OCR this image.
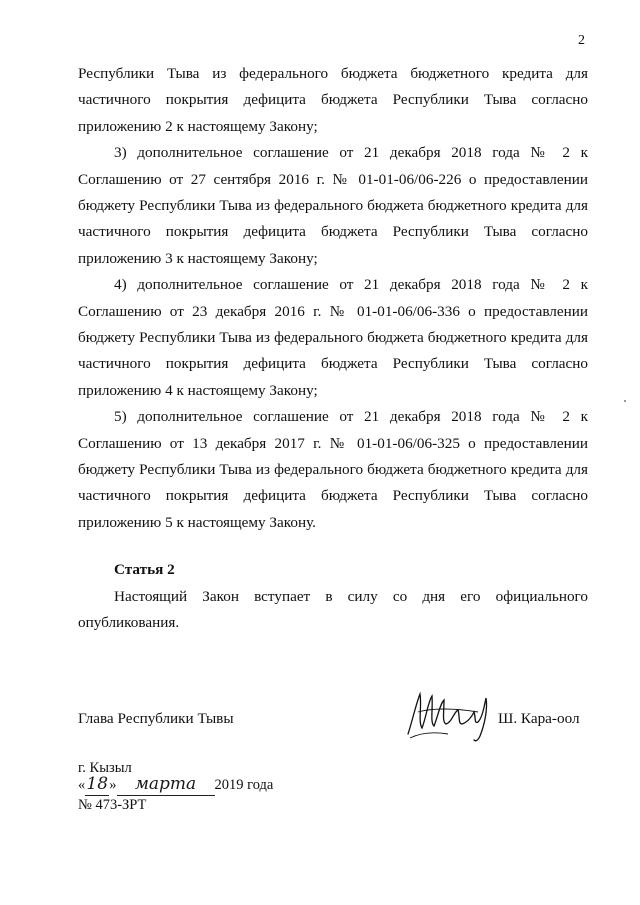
2
Республики Тыва из федерального бюджета бюджетного кредита для
частичного покрытия дефицита бюджета Республики Тыва согласно
приложению 2 к настоящему Закону;
3) дополнительное соглашение от 21 декабря 2018 года № 2 к
Соглашению от 27 сентября 2016 г. № 01-01-06/06-226 о предоставлении
бюджету Республики Тыва из федерального бюджета бюджетного кредита для
частичного покрытия дефицита бюджета Республики Тыва согласно
приложению 3 к настоящему Закону;
4) дополнительное соглашение от 21 декабря 2018 года № 2 к
Соглашению от 23 декабря 2016 г. № 01-01-06/06-336 о предоставлении
бюджету Республики Тыва из федерального бюджета бюджетного кредита для
частичного покрытия дефицита бюджета Республики Тыва согласно
приложению 4 к настоящему Закону;
5) дополнительное соглашение от 21 декабря 2018 года № 2 к
Соглашению от 13 декабря 2017 г. № 01-01-06/06-325 о предоставлении
бюджету Республики Тыва из федерального бюджета бюджетного кредита для
частичного покрытия дефицита бюджета Республики Тыва согласно
приложению 5 к настоящему Закону.
Статья 2
Настоящий Закон вступает в силу со дня его официального
опубликования.
Глава Республики Тывы	Ш. Кара-оол
г. Кызыл
«18» марта 2019 года
№ 473-ЗРТ
